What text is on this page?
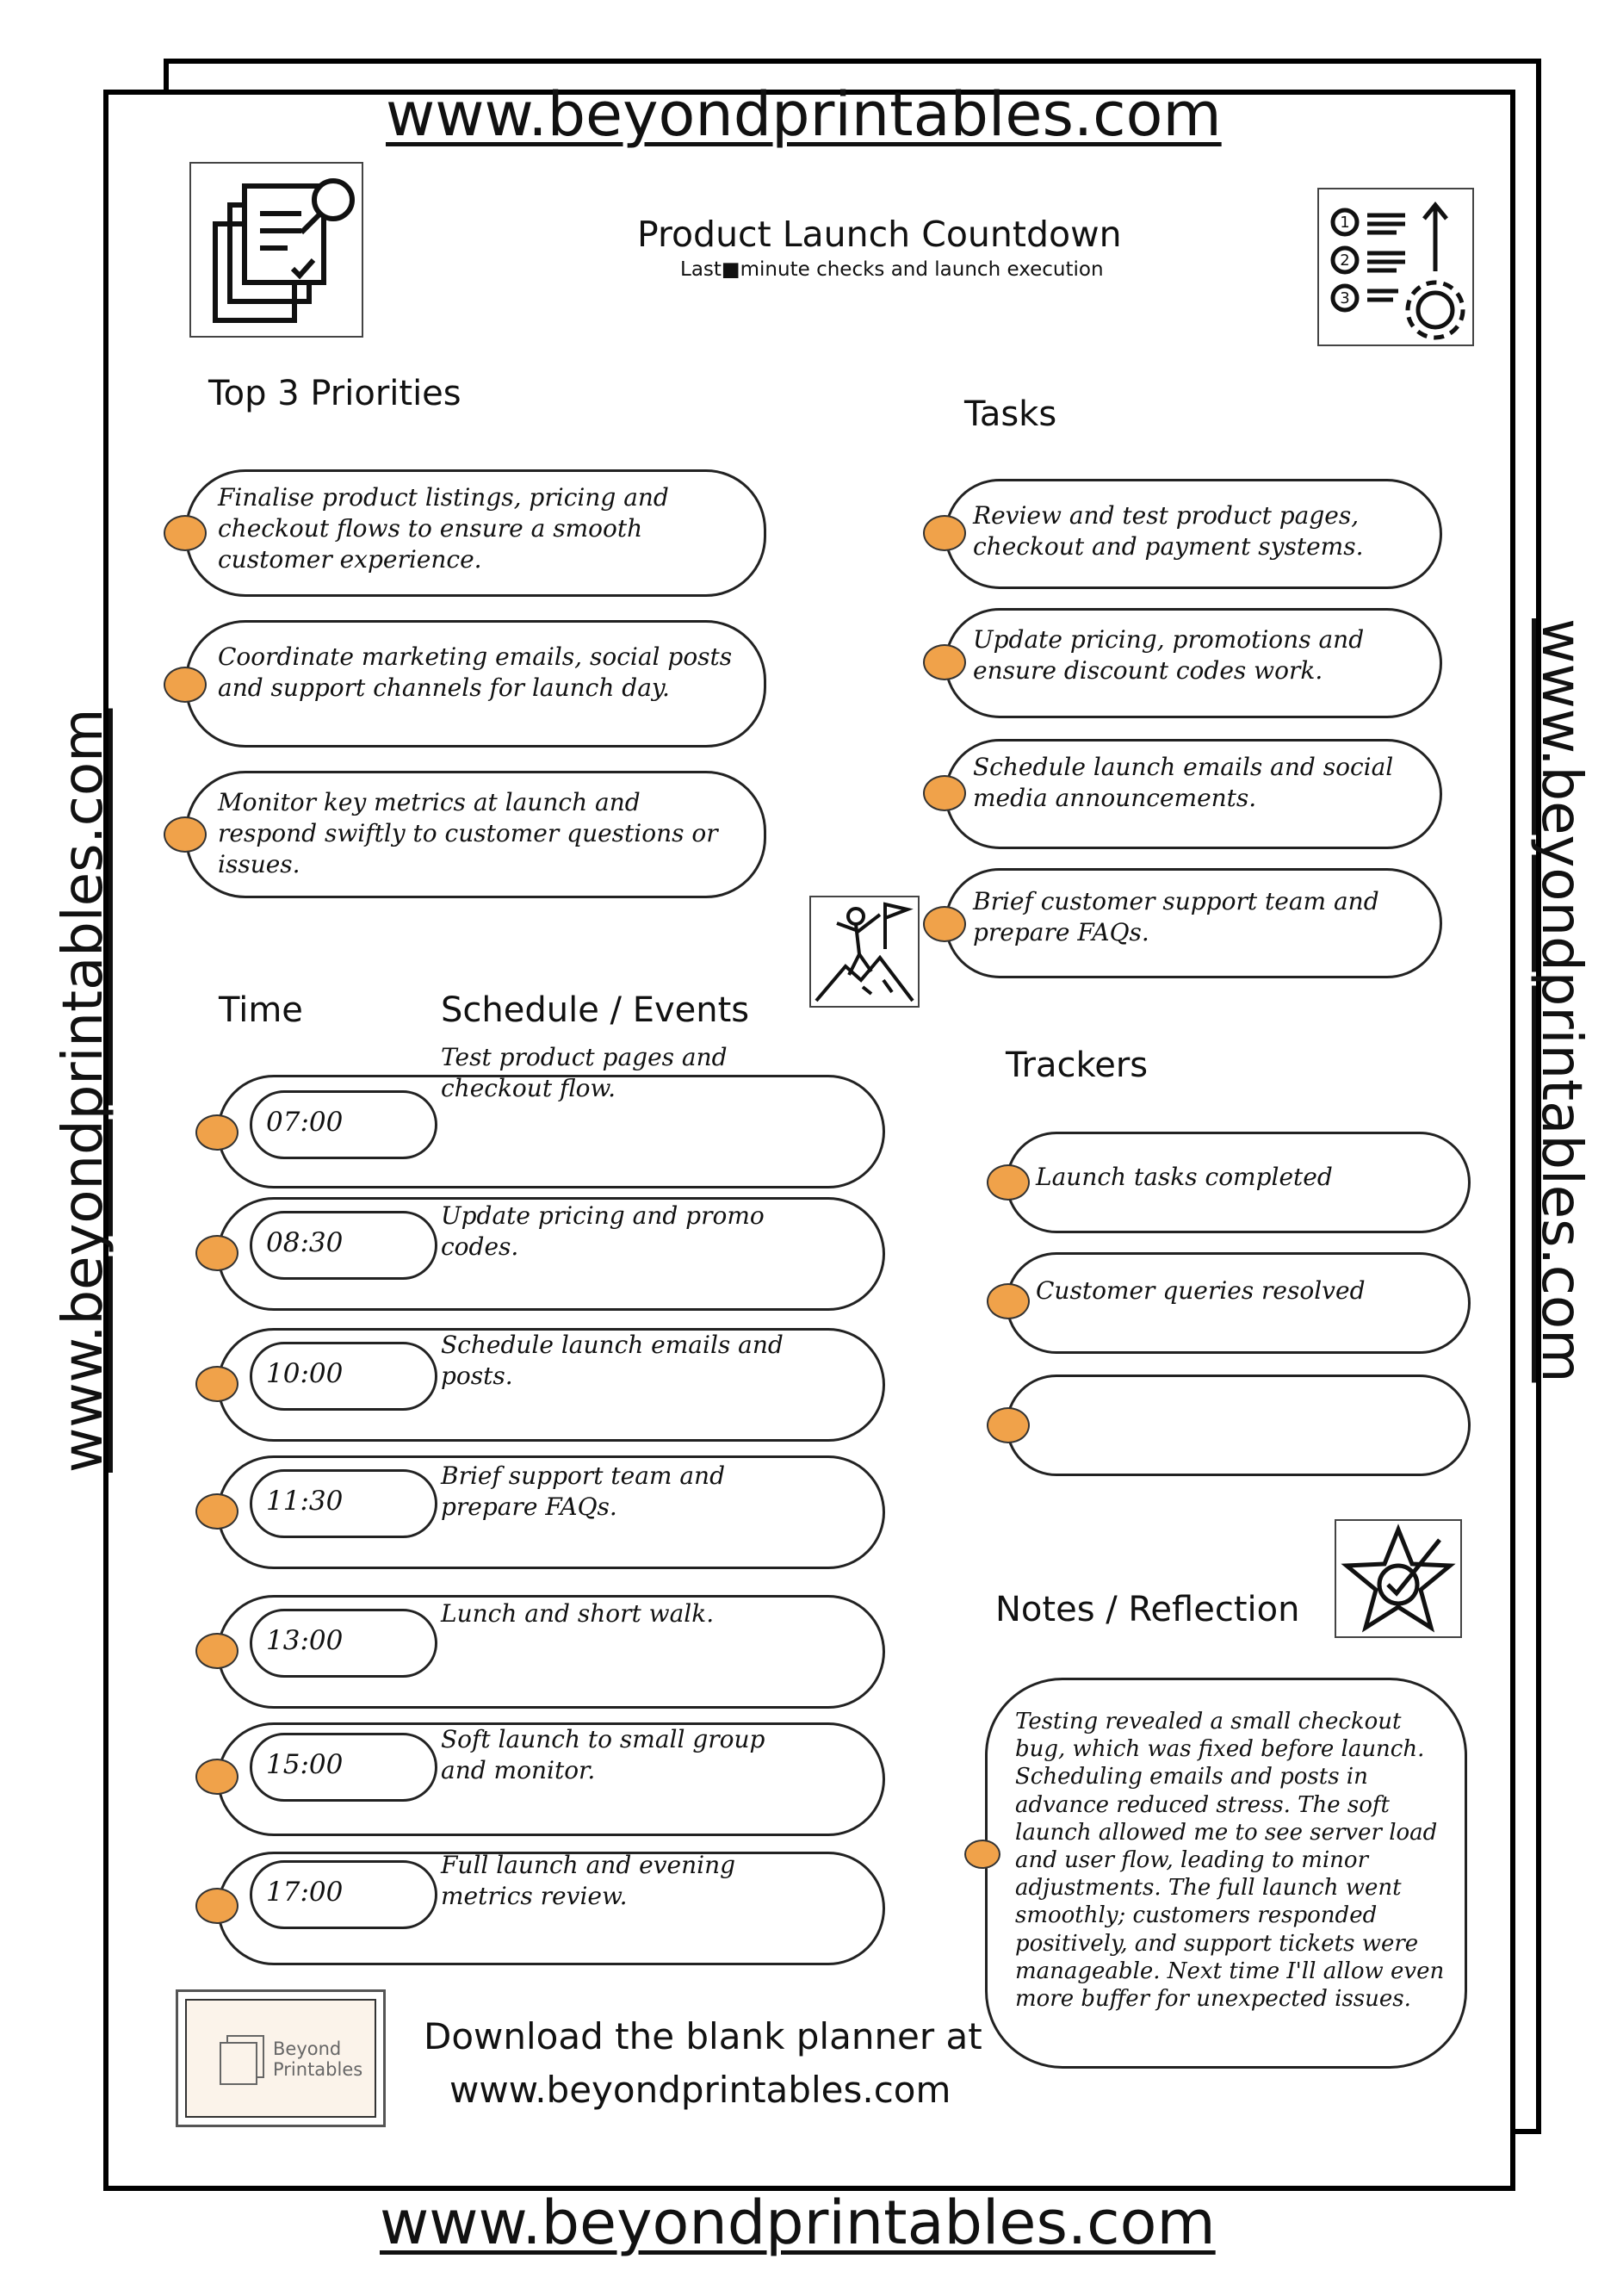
www.beyondprintables.com
www.beyondprintables.com
www.beyondprintables.com	www.beyondprintables.com
1
2
3
Product Launch Countdown
Last■minute checks and launch execution
Top 3 Priorities
Finalise product listings, pricing and
checkout flows to ensure a smooth
customer experience.
Coordinate marketing emails, social posts
and support channels for launch day.
Monitor key metrics at launch and
respond swiftly to customer questions or
issues.
Tasks
Review and test product pages,
checkout and payment systems.
Update pricing, promotions and
ensure discount codes work.
Schedule launch emails and social
media announcements.
Brief customer support team and
prepare FAQs.
Time	Schedule / Events
07:00
Test product pages and
checkout flow.
08:30
Update pricing and promo
codes.
10:00
Schedule launch emails and
posts.
11:30
Brief support team and
prepare FAQs.
13:00
Lunch and short walk.
15:00
Soft launch to small group
and monitor.
17:00
Full launch and evening
metrics review.
Trackers
Launch tasks completed
Customer queries resolved
Notes / Reflection
Testing revealed a small checkout
bug, which was fixed before launch.
Scheduling emails and posts in
advance reduced stress. The soft
launch allowed me to see server load
and user flow, leading to minor
adjustments. The full launch went
smoothly; customers responded
positively, and support tickets were
manageable. Next time I'll allow even
more buffer for unexpected issues.
Beyond
Printables
Download the blank planner at
www.beyondprintables.com
